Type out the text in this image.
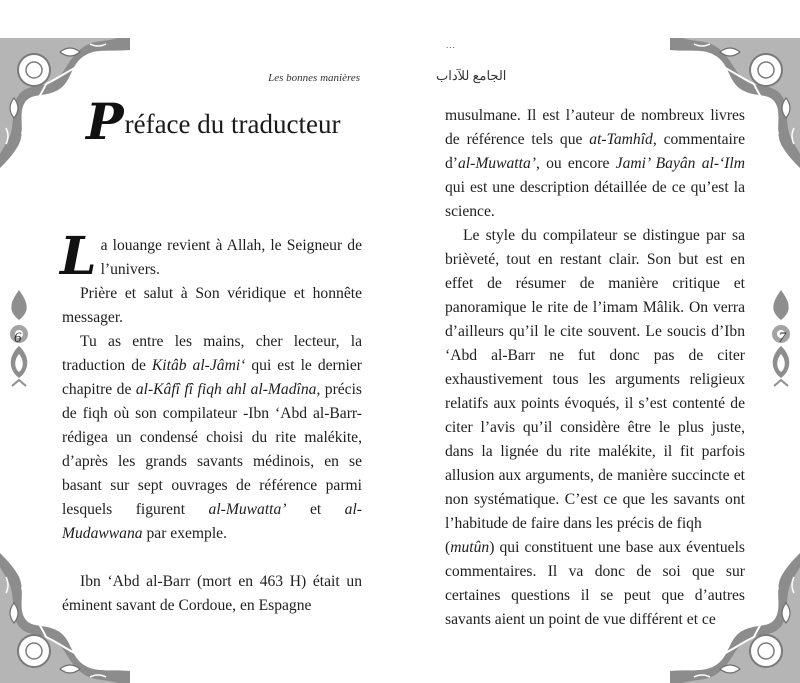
6
Les bonnes manières
Préface du traducteur

La louange revient à Allah, le Seigneur de l’univers.

Prière et salut à Son véridique et honnête messager.

Tu as entre les mains, cher lecteur, la traduction de Kitâb al-Jâmi‘ qui est le dernier chapitre de al-Kâfî fî fiqh ahl al-Madîna, précis de fiqh où son compilateur -Ibn ‘Abd al-Barr- rédigea un condensé choisi du rite malékite, d’après les grands savants médinois, en se basant sur sept ouvrages de référence parmi lesquels figurent al-Muwatta’ et al-Mudawwana par exemple.

Ibn ‘Abd al-Barr (mort en 463 H) était un éminent savant de Cordoue, en Espagne

7
...
الجامع للآداب

musulmane. Il est l’auteur de nombreux livres de référence tels que at-Tamhîd, commentaire d’al-Muwatta’, ou encore Jami’ Bayân al-‘Ilm qui est une description détaillée de ce qu’est la science.

Le style du compilateur se distingue par sa brièveté, tout en restant clair. Son but est en effet de résumer de manière critique et panoramique le rite de l’imam Mâlik. On verra d’ailleurs qu’il le cite souvent. Le soucis d’Ibn ‘Abd al-Barr ne fut donc pas de citer exhaustivement tous les arguments religieux relatifs aux points évoqués, il s’est contenté de citer l’avis qu’il considère être le plus juste, dans la lignée du rite malékite, il fit parfois allusion aux arguments, de manière succincte et non systématique. C’est ce que les savants ont l’habitude de faire dans les précis de fiqh

(mutûn) qui constituent une base aux éventuels commentaires. Il va donc de soi que sur certaines questions il se peut que d’autres savants aient un point de vue différent et ce
